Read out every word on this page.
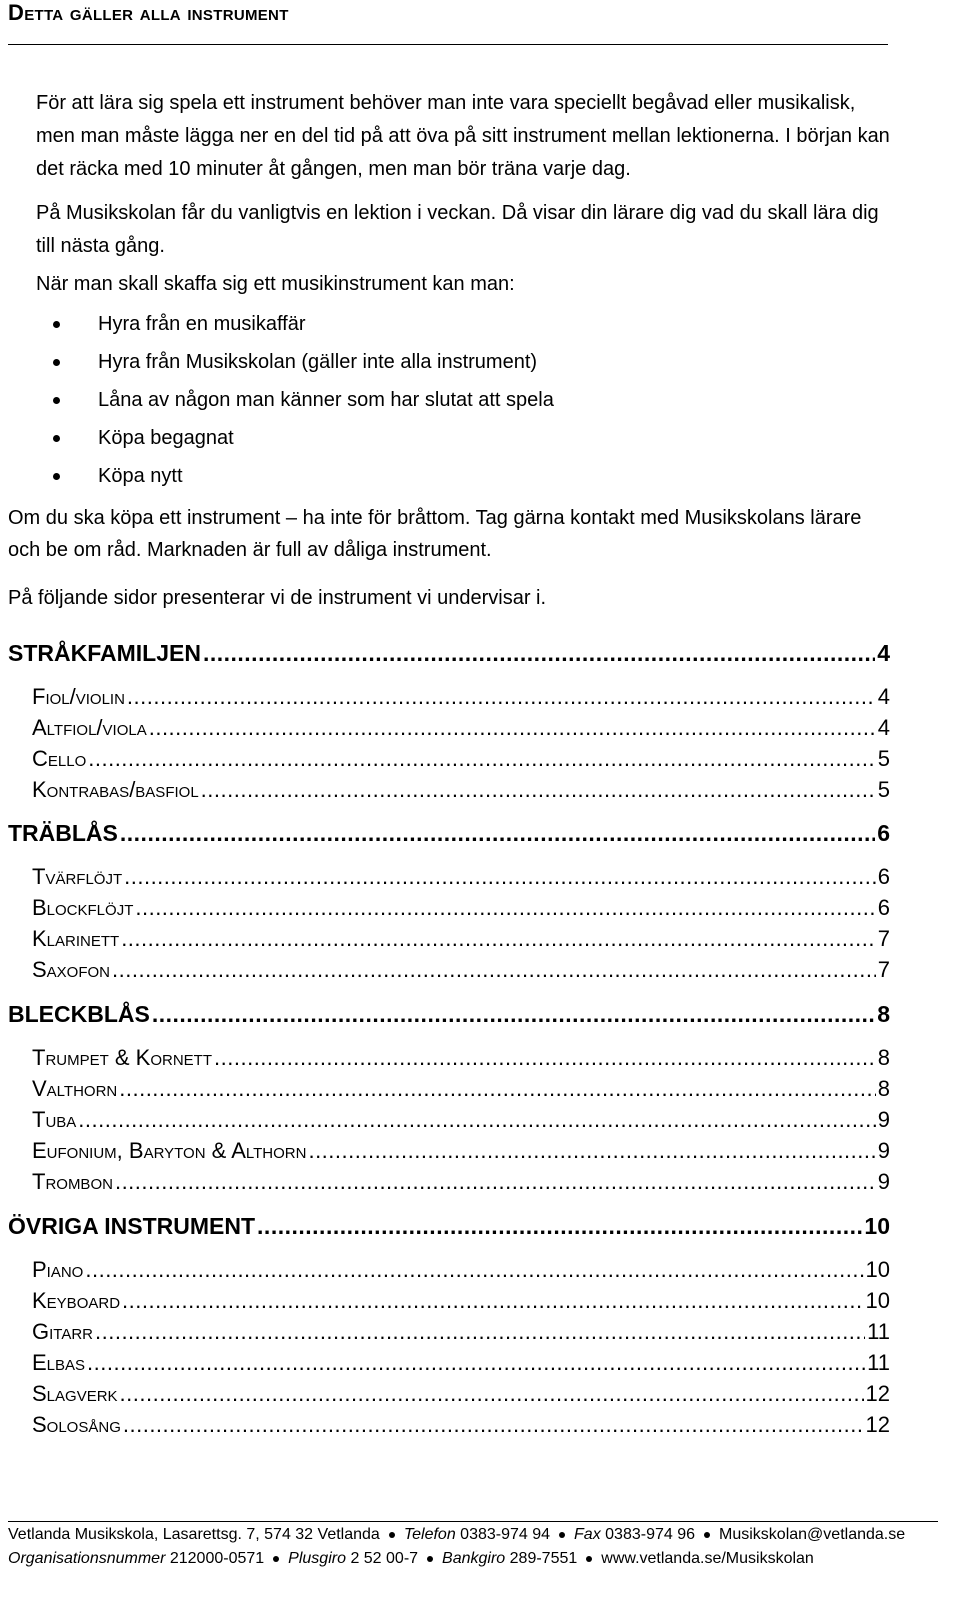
Detta gäller alla instrument
För att lära sig spela ett instrument behöver man inte vara speciellt begåvad eller musikalisk, men man måste lägga ner en del tid på att öva på sitt instrument mellan lektionerna. I början kan det räcka med 10 minuter åt gången, men man bör träna varje dag.
På Musikskolan får du vanligtvis en lektion i veckan. Då visar din lärare dig vad du skall lära dig till nästa gång.
När man skall skaffa sig ett musikinstrument kan man:
Hyra från en musikaffär
Hyra från Musikskolan (gäller inte alla instrument)
Låna av någon man känner som har slutat att spela
Köpa begagnat
Köpa nytt
Om du ska köpa ett instrument – ha inte för bråttom. Tag gärna kontakt med Musikskolans lärare och be om råd. Marknaden är full av dåliga instrument.
På följande sidor presenterar vi de instrument vi undervisar i.
STRÅKFAMILJEN .....	4
Fiol/violin .....	4
Altfiol/viola .....	4
Cello .....	5
Kontrabas/basfiol .....	5
TRÄBLÅS .....	6
Tvärflöjt .....	6
Blockflöjt .....	6
Klarinett .....	7
Saxofon .....	7
BLECKBLÅS .....	8
Trumpet & Kornett .....	8
Valthorn .....	8
Tuba .....	9
Eufonium, Baryton & Althorn .....	9
Trombon .....	9
ÖVRIGA INSTRUMENT .....	10
Piano .....	10
Keyboard .....	10
Gitarr .....	11
Elbas .....	11
Slagverk .....	12
Solosång .....	12
Vetlanda Musikskola, Lasarettsg. 7, 574 32 Vetlanda Telefon 0383-974 94 Fax 0383-974 96 Musikskolan@vetlanda.se
Organisationsnummer 212000-0571 Plusgiro 2 52 00-7 Bankgiro 289-7551 www.vetlanda.se/Musikskolan
